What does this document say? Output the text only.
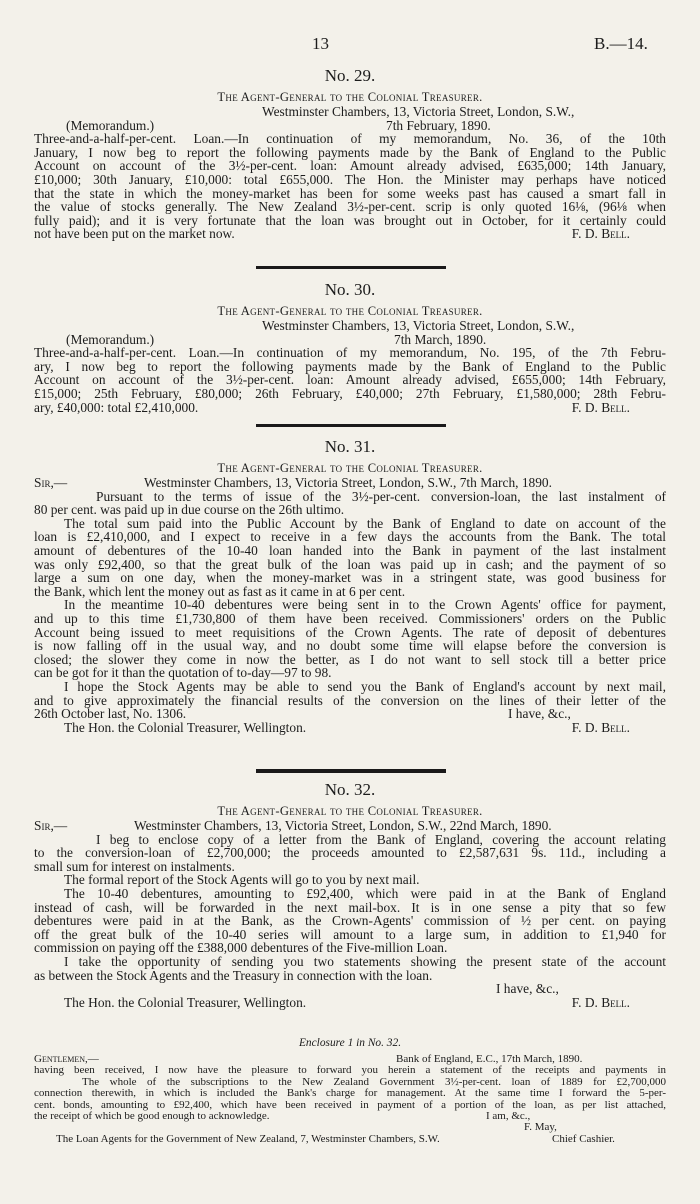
13	B.—14.
No. 29.
The Agent-General to the Colonial Treasurer.
Westminster Chambers, 13, Victoria Street, London, S.W.,
(Memorandum.)	7th February, 1890.
Three-and-a-half-per-cent. Loan.—In continuation of my memorandum, No. 36, of the 10th
January, I now beg to report the following payments made by the Bank of England to the Public
Account on account of the 3½-per-cent. loan: Amount already advised, £635,000; 14th January,
£10,000; 30th January, £10,000: total £655,000. The Hon. the Minister may perhaps have noticed
that the state in which the money-market has been for some weeks past has caused a smart fall in
the value of stocks generally. The New Zealand 3½-per-cent. scrip is only quoted 16⅛, (96⅛ when
fully paid); and it is very fortunate that the loan was brought out in October, for it certainly could
not have been put on the market now.	F. D. Bell.
No. 30.
The Agent-General to the Colonial Treasurer.
Westminster Chambers, 13, Victoria Street, London, S.W.,
(Memorandum.)	7th March, 1890.
Three-and-a-half-per-cent. Loan.—In continuation of my memorandum, No. 195, of the 7th Febru-
ary, I now beg to report the following payments made by the Bank of England to the Public
Account on account of the 3½-per-cent. loan: Amount already advised, £655,000; 14th February,
£15,000; 25th February, £80,000; 26th February, £40,000; 27th February, £1,580,000; 28th Febru-
ary, £40,000: total £2,410,000.	F. D. Bell.
No. 31.
The Agent-General to the Colonial Treasurer.
Sir,—	Westminster Chambers, 13, Victoria Street, London, S.W., 7th March, 1890.
Pursuant to the terms of issue of the 3½-per-cent. conversion-loan, the last instalment of
80 per cent. was paid up in due course on the 26th ultimo.
The total sum paid into the Public Account by the Bank of England to date on account of the
loan is £2,410,000, and I expect to receive in a few days the accounts from the Bank. The total
amount of debentures of the 10-40 loan handed into the Bank in payment of the last instalment
was only £92,400, so that the great bulk of the loan was paid up in cash; and the payment of so
large a sum on one day, when the money-market was in a stringent state, was good business for
the Bank, which lent the money out as fast as it came in at 6 per cent.
In the meantime 10-40 debentures were being sent in to the Crown Agents' office for payment,
and up to this time £1,730,800 of them have been received. Commissioners' orders on the Public
Account being issued to meet requisitions of the Crown Agents. The rate of deposit of debentures
is now falling off in the usual way, and no doubt some time will elapse before the conversion is
closed; the slower they come in now the better, as I do not want to sell stock till a better price
can be got for it than the quotation of to-day—97 to 98.
I hope the Stock Agents may be able to send you the Bank of England's account by next mail,
and to give approximately the financial results of the conversion on the lines of their letter of the
26th October last, No. 1306.	I have, &c.,
The Hon. the Colonial Treasurer, Wellington.	F. D. Bell.
No. 32.
The Agent-General to the Colonial Treasurer.
Sir,—	Westminster Chambers, 13, Victoria Street, London, S.W., 22nd March, 1890.
I beg to enclose copy of a letter from the Bank of England, covering the account relating
to the conversion-loan of £2,700,000; the proceeds amounted to £2,587,631 9s. 11d., including a
small sum for interest on instalments.
The formal report of the Stock Agents will go to you by next mail.
The 10-40 debentures, amounting to £92,400, which were paid in at the Bank of England
instead of cash, will be forwarded in the next mail-box. It is in one sense a pity that so few
debentures were paid in at the Bank, as the Crown-Agents' commission of ½ per cent. on paying
off the great bulk of the 10-40 series will amount to a large sum, in addition to £1,940 for
commission on paying off the £388,000 debentures of the Five-million Loan.
I take the opportunity of sending you two statements showing the present state of the account
as between the Stock Agents and the Treasury in connection with the loan.
I have, &c.,
The Hon. the Colonial Treasurer, Wellington.	F. D. Bell.
Enclosure 1 in No. 32.
Gentlemen,—	Bank of England, E.C., 17th March, 1890.
having been received, I now have the pleasure to forward you herein a statement of the receipts and payments in
The whole of the subscriptions to the New Zealand Government 3½-per-cent. loan of 1889 for £2,700,000
connection therewith, in which is included the Bank's charge for management. At the same time I forward the 5-per-
cent. bonds, amounting to £92,400, which have been received in payment of a portion of the loan, as per list attached,
the receipt of which be good enough to acknowledge.	I am, &c.,
F. May,
The Loan Agents for the Government of New Zealand, 7, Westminster Chambers, S.W.	Chief Cashier.
